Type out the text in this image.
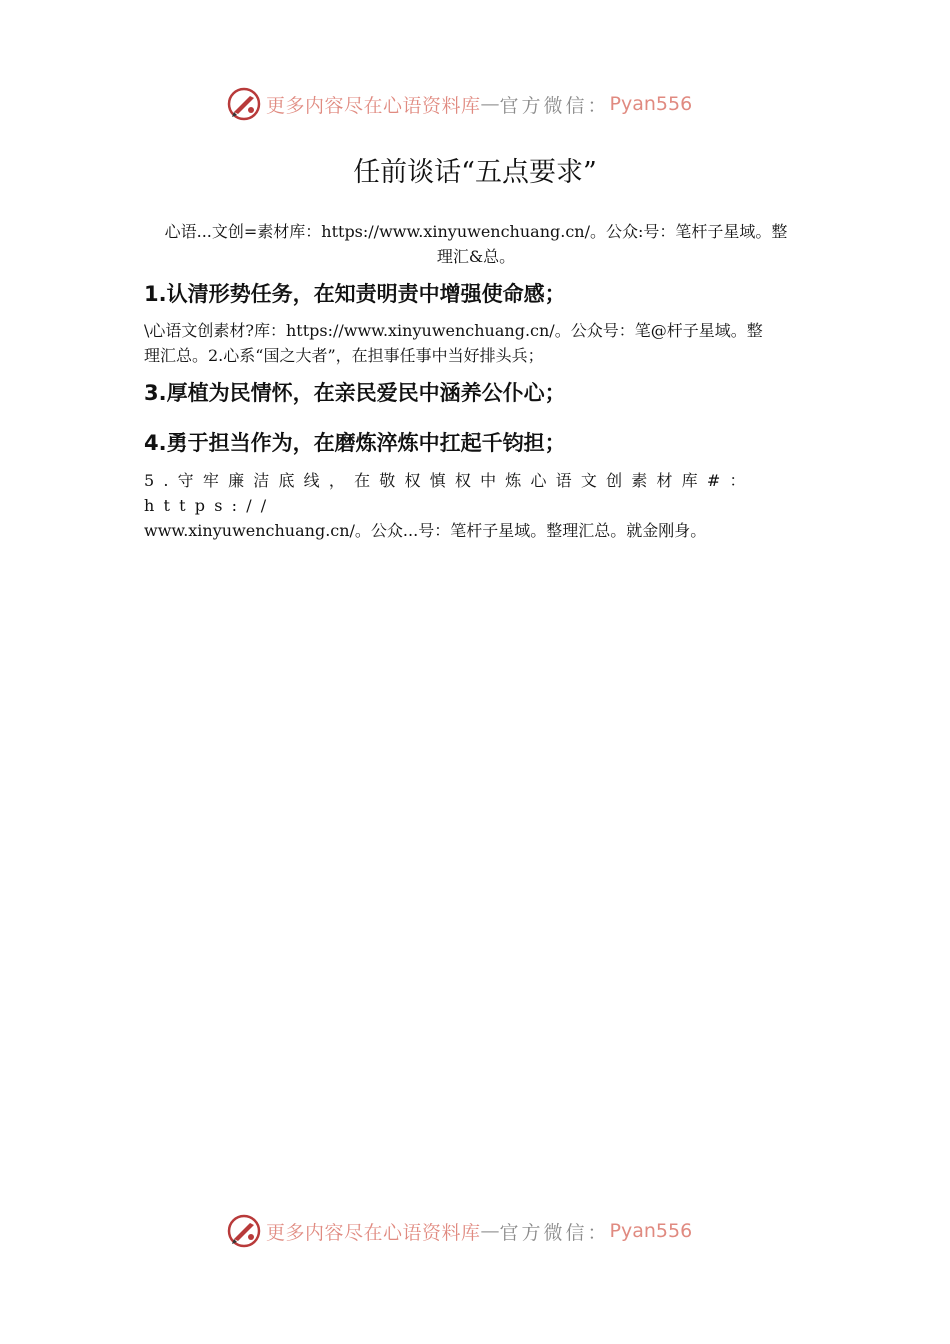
更多内容尽在心语资料库 — 官方微信： Pyan556
任前谈话“五点要求”
心语...文创=素材库：https://www.xinyuwenchuang.cn/。公众:号：笔杆子星域。整
理汇&总。
1.认清形势任务，在知责明责中增强使命感；
\心语文创素材?库：https://www.xinyuwenchuang.cn/。公众号：笔@杆子星域。整
理汇总。2.心系“国之大者”，在担事任事中当好排头兵；
3.厚植为民情怀，在亲民爱民中涵养公仆心；
4.勇于担当作为，在磨炼淬炼中扛起千钧担；
5.守牢廉洁底线，在敬权慎权中炼心语文创素材库#：https://
www.xinyuwenchuang.cn/。公众...号：笔杆子星域。整理汇总。就金刚身。
更多内容尽在心语资料库 — 官方微信： Pyan556
